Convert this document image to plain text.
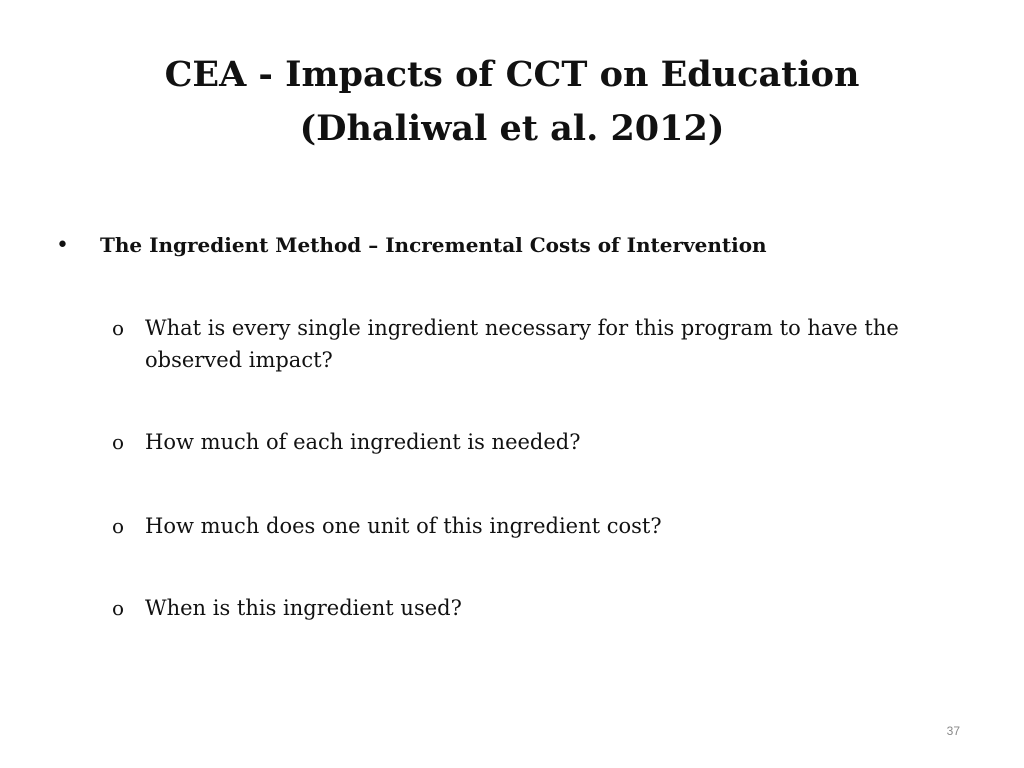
CEA - Impacts of CCT on Education
(Dhaliwal et al. 2012)
•	The Ingredient Method – Incremental Costs of Intervention
o What is every single ingredient necessary for this program to have the observed impact?
o How much of each ingredient is needed?
o How much does one unit of this ingredient cost?
o When is this ingredient used?
37
